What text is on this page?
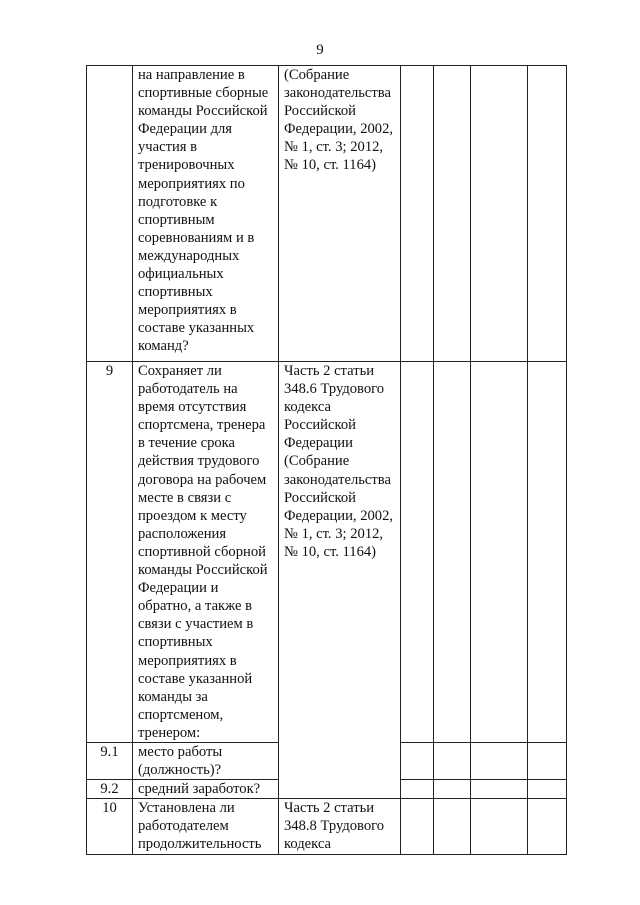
9
	на направление в спортивные сборные команды Российской Федерации для участия в тренировочных мероприятиях по подготовке к спортивным соревнованиям и в международных официальных спортивных мероприятиях в составе указанных команд?	(Собрание законодательства Российской Федерации, 2002, № 1, ст. 3; 2012, № 10, ст. 1164)				
9	Сохраняет ли работодатель на время отсутствия спортсмена, тренера в течение срока действия трудового договора на рабочем месте в связи с проездом к месту расположения спортивной сборной команды Российской Федерации и обратно, а также в связи с участием в спортивных мероприятиях в составе указанной команды за спортсменом, тренером:	Часть 2 статьи 348.6 Трудового кодекса Российской Федерации (Собрание законодательства Российской Федерации, 2002, № 1, ст. 3; 2012, № 10, ст. 1164)				
9.1	место работы (должность)?					
9.2	средний заработок?					
10	Установлена ли работодателем продолжительность	Часть 2 статьи 348.8 Трудового кодекса				
